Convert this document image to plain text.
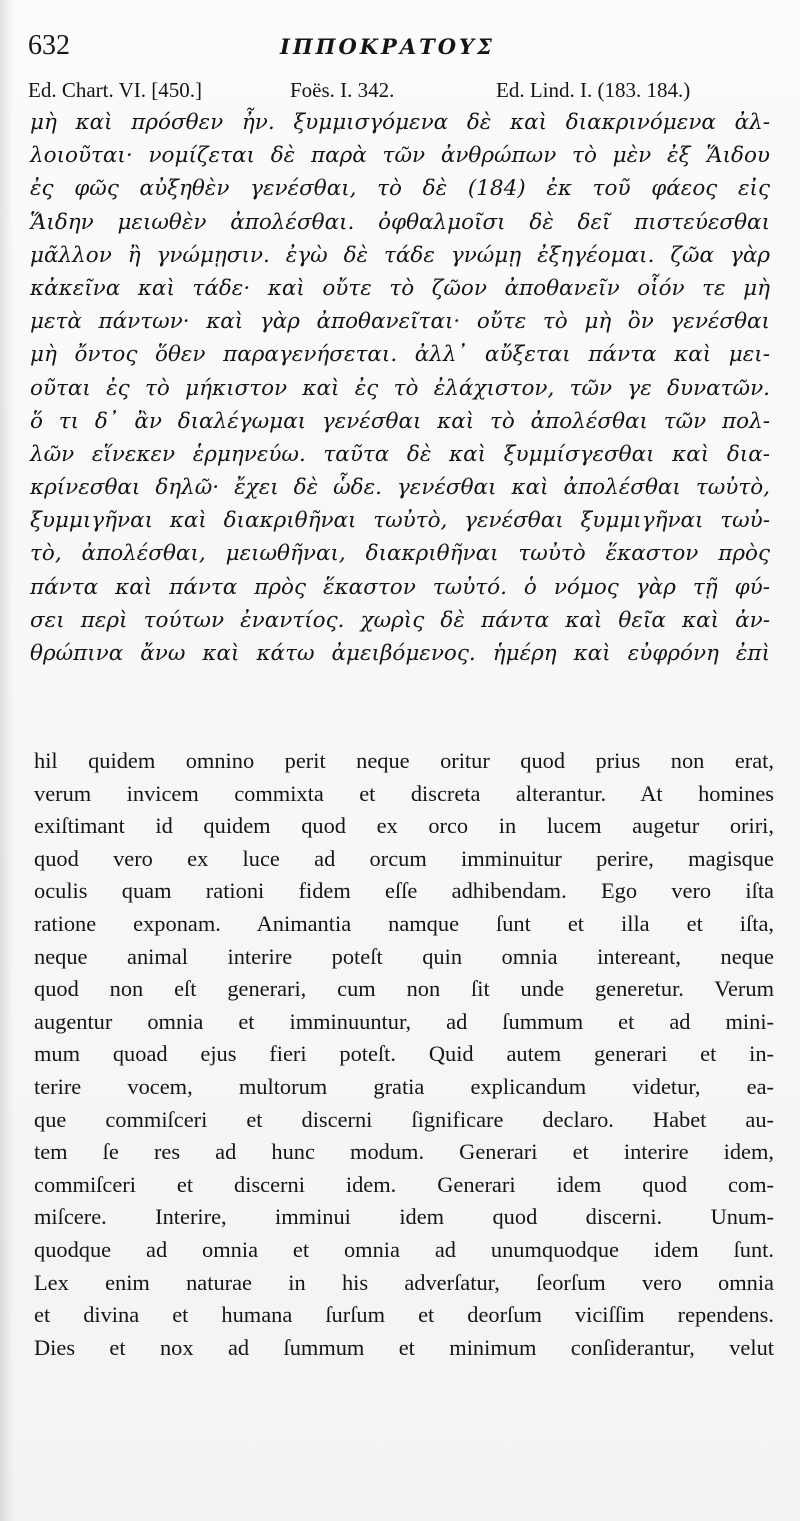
632	ΙΠΠΟΚΡΑΤΟΥΣ
Ed. Chart. VI. [450.]	Foës. I. 342.	Ed. Lind. I. (183. 184.)
μὴ καὶ πρόσθεν ἦν. ξυμμισγόμενα δὲ καὶ διακρινόμενα ἀλ-
λοιοῦται· νομίζεται δὲ παρὰ τῶν ἀνθρώπων τὸ μὲν ἐξ Ἅιδου
ἐς φῶς αὐξηθὲν γενέσθαι, τὸ δὲ (184) ἐκ τοῦ φάεος εἰς
Ἅιδην μειωθὲν ἀπολέσθαι. ὀφθαλμοῖσι δὲ δεῖ πιστεύεσθαι
μᾶλλον ἢ γνώμῃσιν. ἐγὼ δὲ τάδε γνώμῃ ἐξηγέομαι. ζῶα γὰρ
κἀκεῖνα καὶ τάδε· καὶ οὔτε τὸ ζῶον ἀποθανεῖν οἷόν τε μὴ
μετὰ πάντων· καὶ γὰρ ἀποθανεῖται· οὔτε τὸ μὴ ὂν γενέσθαι
μὴ ὄντος ὅθεν παραγενήσεται. ἀλλ᾽ αὔξεται πάντα καὶ μει-
οῦται ἐς τὸ μήκιστον καὶ ἐς τὸ ἐλάχιστον, τῶν γε δυνατῶν.
ὅ τι δ᾽ ἂν διαλέγωμαι γενέσθαι καὶ τὸ ἀπολέσθαι τῶν πολ-
λῶν εἵνεκεν ἑρμηνεύω. ταῦτα δὲ καὶ ξυμμίσγεσθαι καὶ δια-
κρίνεσθαι δηλῶ· ἔχει δὲ ὧδε. γενέσθαι καὶ ἀπολέσθαι τωὐτὸ,
ξυμμιγῆναι καὶ διακριθῆναι τωὐτὸ, γενέσθαι ξυμμιγῆναι τωὐ-
τὸ, ἀπολέσθαι, μειωθῆναι, διακριθῆναι τωὐτὸ ἕκαστον πρὸς
πάντα καὶ πάντα πρὸς ἕκαστον τωὐτό. ὁ νόμος γὰρ τῇ φύ-
σει περὶ τούτων ἐναντίος. χωρὶς δὲ πάντα καὶ θεῖα καὶ ἀν-
θρώπινα ἄνω καὶ κάτω ἀμειβόμενος. ἡμέρη καὶ εὐφρόνη ἐπὶ
hil quidem omnino perit neque oritur quod prius non erat,
verum invicem commixta et discreta alterantur. At homines
exiſtimant id quidem quod ex orco in lucem augetur oriri,
quod vero ex luce ad orcum imminuitur perire, magisque
oculis quam rationi fidem eſſe adhibendam. Ego vero iſta
ratione exponam. Animantia namque ſunt et illa et iſta,
neque animal interire poteſt quin omnia intereant, neque
quod non eſt generari, cum non ſit unde generetur. Verum
augentur omnia et imminuuntur, ad ſummum et ad mini-
mum quoad ejus fieri poteſt. Quid autem generari et in-
terire vocem, multorum gratia explicandum videtur, ea-
que commiſceri et discerni ſignificare declaro. Habet au-
tem ſe res ad hunc modum. Generari et interire idem,
commiſceri et discerni idem. Generari idem quod com-
miſcere. Interire, imminui idem quod discerni. Unum-
quodque ad omnia et omnia ad unumquodque idem ſunt.
Lex enim naturae in his adverſatur, ſeorſum vero omnia
et divina et humana ſurſum et deorſum viciſſim rependens.
Dies et nox ad ſummum et minimum conſiderantur, velut
